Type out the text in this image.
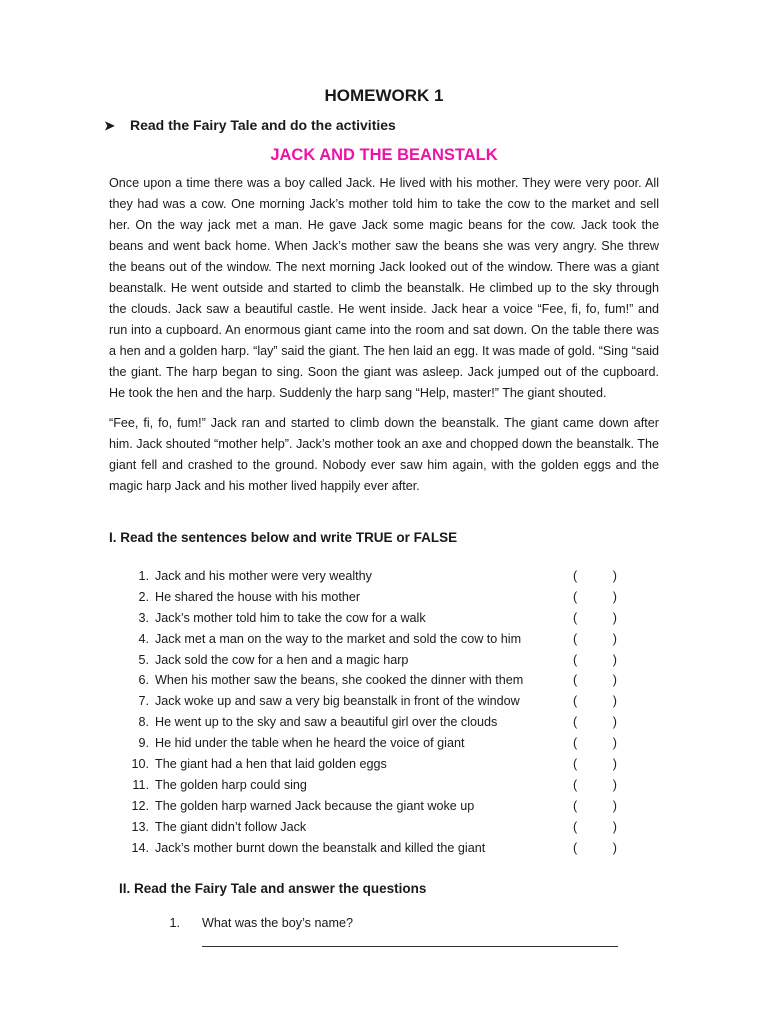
HOMEWORK 1
➤ Read the Fairy Tale and do the activities
JACK AND THE BEANSTALK

Once upon a time there was a boy called Jack. He lived with his mother. They were very poor. All they had was a cow. One morning Jack’s mother told him to take the cow to the market and sell her. On the way jack met a man. He gave Jack some magic beans for the cow. Jack took the beans and went back home. When Jack’s mother saw the beans she was very angry. She threw the beans out of the window. The next morning Jack looked out of the window. There was a giant beanstalk. He went outside and started to climb the beanstalk. He climbed up to the sky through the clouds. Jack saw a beautiful castle. He went inside. Jack hear a voice “Fee, fi, fo, fum!” and run into a cupboard. An enormous giant came into the room and sat down. On the table there was a hen and a golden harp. “lay” said the giant. The hen laid an egg. It was made of gold. “Sing “said the giant. The harp began to sing. Soon the giant was asleep. Jack jumped out of the cupboard. He took the hen and the harp. Suddenly the harp sang “Help, master!” The giant shouted.

“Fee, fi, fo, fum!” Jack ran and started to climb down the beanstalk. The giant came down after him. Jack shouted “mother help”. Jack’s mother took an axe and chopped down the beanstalk. The giant fell and crashed to the ground. Nobody ever saw him again, with the golden eggs and the magic harp Jack and his mother lived happily ever after.

I. Read the sentences below and write TRUE or FALSE
1. Jack and his mother were very wealthy	(	)
2. He shared the house with his mother	(	)
3. Jack’s mother told him to take the cow for a walk	(	)
4. Jack met a man on the way to the market and sold the cow to him	(	)
5. Jack sold the cow for a hen and a magic harp	(	)
6. When his mother saw the beans, she cooked the dinner with them	(	)
7. Jack woke up and saw a very big beanstalk in front of the window	(	)
8. He went up to the sky and saw a beautiful girl over the clouds	(	)
9. He hid under the table when he heard the voice of giant	(	)
10. The giant had a hen that laid golden eggs	(	)
11. The golden harp could sing	(	)
12. The golden harp warned Jack because the giant woke up	(	)
13. The giant didn’t follow Jack	(	)
14. Jack’s mother burnt down the beanstalk and killed the giant	(	)
II. Read the Fairy Tale and answer the questions
1. What was the boy’s name?
